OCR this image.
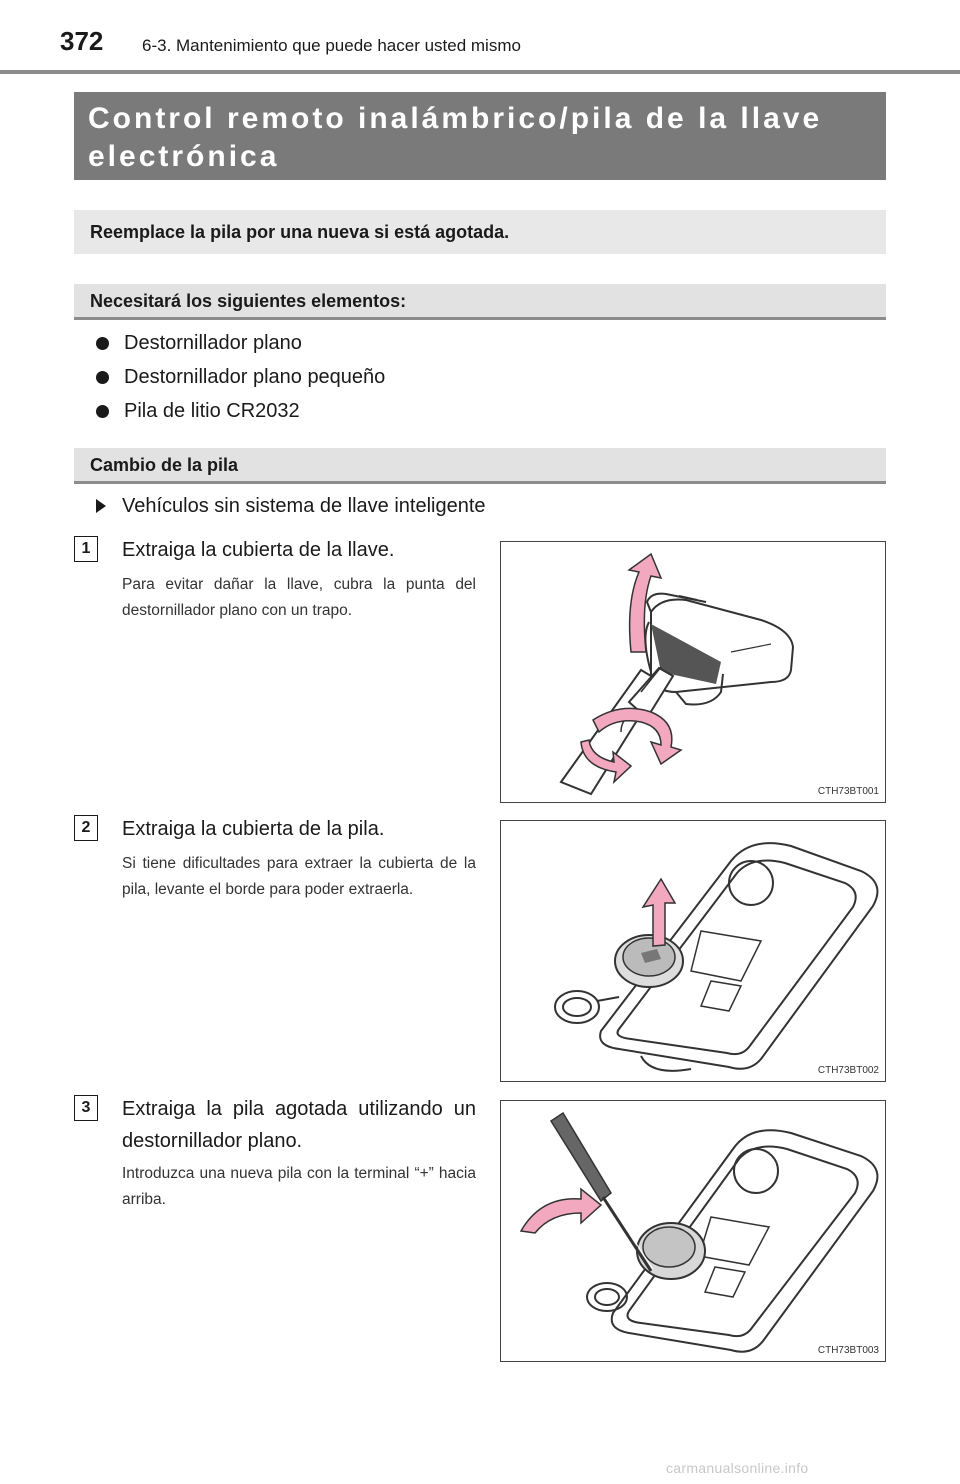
372 6-3. Mantenimiento que puede hacer usted mismo
Control remoto inalámbrico/pila de la llave
electrónica
Reemplace la pila por una nueva si está agotada.
Necesitará los siguientes elementos:
Destornillador plano
Destornillador plano pequeño
Pila de litio CR2032
Cambio de la pila
Vehículos sin sistema de llave inteligente
1	Extraiga la cubierta de la llave.
Para evitar dañar la llave, cubra la punta del destornillador plano con un trapo.
CTH73BT001
2	Extraiga la cubierta de la pila.
Si tiene dificultades para extraer la cubierta de la pila, levante el borde para poder extraerla.
CTH73BT002
3	Extraiga la pila agotada utilizando un destornillador plano.
Introduzca una nueva pila con la terminal “+” hacia arriba.
CTH73BT003
carmanualsonline.info
